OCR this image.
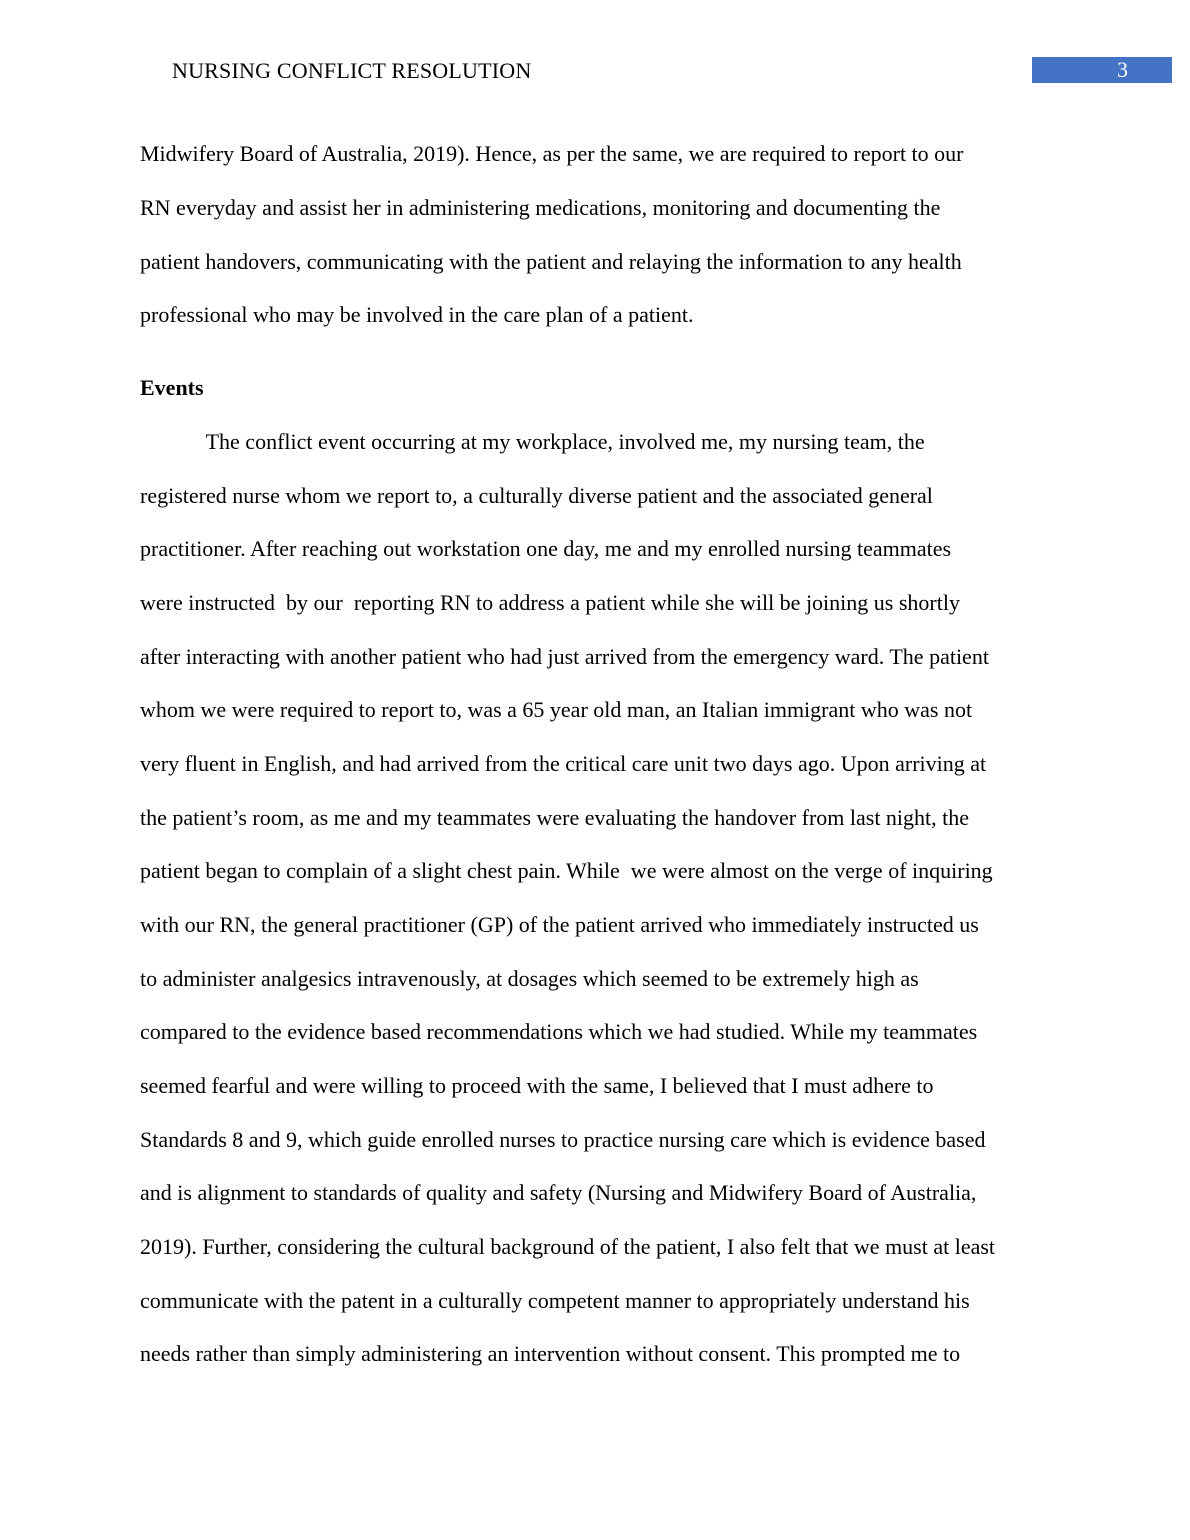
NURSING CONFLICT RESOLUTION	3
Midwifery Board of Australia, 2019). Hence, as per the same, we are required to report to our
RN everyday and assist her in administering medications, monitoring and documenting the
patient handovers, communicating with the patient and relaying the information to any health
professional who may be involved in the care plan of a patient.
Events
The conflict event occurring at my workplace, involved me, my nursing team, the
registered nurse whom we report to, a culturally diverse patient and the associated general
practitioner. After reaching out workstation one day, me and my enrolled nursing teammates
were instructed  by our  reporting RN to address a patient while she will be joining us shortly
after interacting with another patient who had just arrived from the emergency ward. The patient
whom we were required to report to, was a 65 year old man, an Italian immigrant who was not
very fluent in English, and had arrived from the critical care unit two days ago. Upon arriving at
the patient’s room, as me and my teammates were evaluating the handover from last night, the
patient began to complain of a slight chest pain. While  we were almost on the verge of inquiring
with our RN, the general practitioner (GP) of the patient arrived who immediately instructed us
to administer analgesics intravenously, at dosages which seemed to be extremely high as
compared to the evidence based recommendations which we had studied. While my teammates
seemed fearful and were willing to proceed with the same, I believed that I must adhere to
Standards 8 and 9, which guide enrolled nurses to practice nursing care which is evidence based
and is alignment to standards of quality and safety (Nursing and Midwifery Board of Australia,
2019). Further, considering the cultural background of the patient, I also felt that we must at least
communicate with the patent in a culturally competent manner to appropriately understand his
needs rather than simply administering an intervention without consent. This prompted me to
